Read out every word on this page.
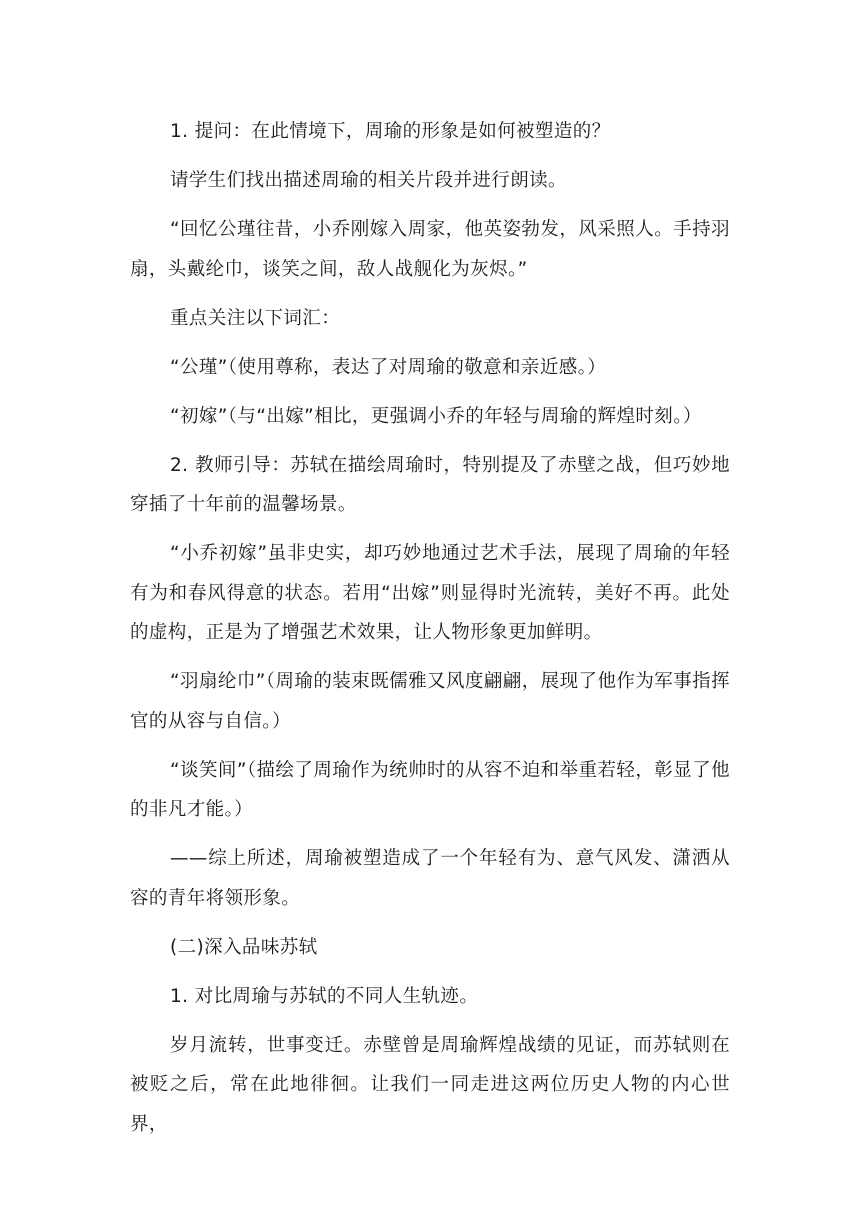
1. 提问：在此情境下，周瑜的形象是如何被塑造的？

请学生们找出描述周瑜的相关片段并进行朗读。

“回忆公瑾往昔，小乔刚嫁入周家，他英姿勃发，风采照人。手持羽扇，头戴纶巾，谈笑之间，敌人战舰化为灰烬。”

重点关注以下词汇：

“公瑾”（使用尊称，表达了对周瑜的敬意和亲近感。）

“初嫁”（与“出嫁”相比，更强调小乔的年轻与周瑜的辉煌时刻。）

2. 教师引导：苏轼在描绘周瑜时，特别提及了赤壁之战，但巧妙地穿插了十年前的温馨场景。

“小乔初嫁”虽非史实，却巧妙地通过艺术手法，展现了周瑜的年轻有为和春风得意的状态。若用“出嫁”则显得时光流转，美好不再。此处的虚构，正是为了增强艺术效果，让人物形象更加鲜明。

“羽扇纶巾”（周瑜的装束既儒雅又风度翩翩，展现了他作为军事指挥官的从容与自信。）

“谈笑间”（描绘了周瑜作为统帅时的从容不迫和举重若轻，彰显了他的非凡才能。）

——综上所述，周瑜被塑造成了一个年轻有为、意气风发、潇洒从容的青年将领形象。

(二)深入品味苏轼

1. 对比周瑜与苏轼的不同人生轨迹。

岁月流转，世事变迁。赤壁曾是周瑜辉煌战绩的见证，而苏轼则在被贬之后，常在此地徘徊。让我们一同走进这两位历史人物的内心世界，
